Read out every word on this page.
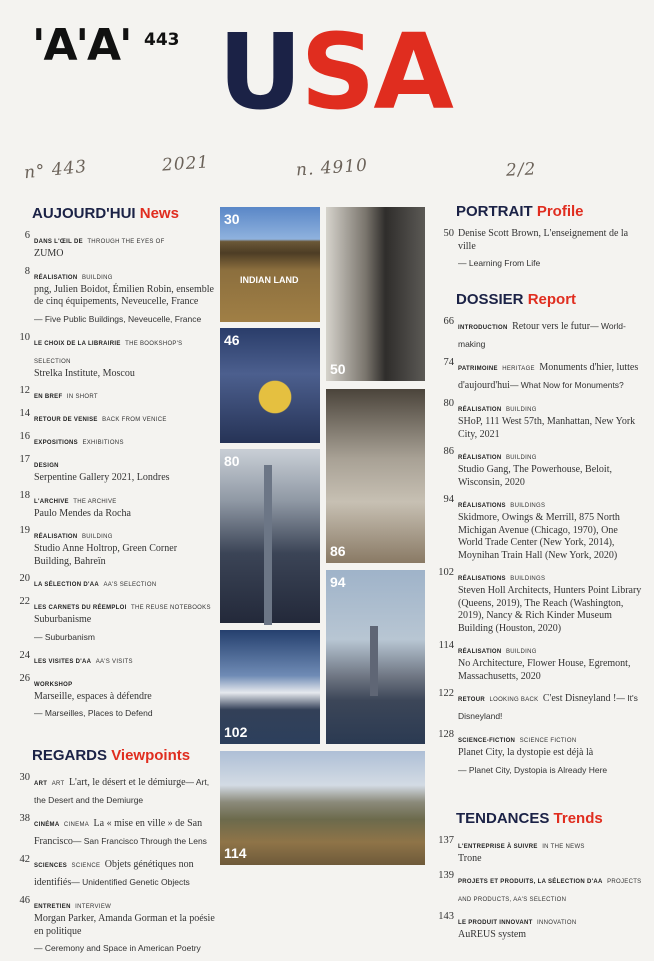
'A'A' 443 USA
n° 443	2021	n. 4910	2/2
AUJOURD'HUI News
6
DANS L'ŒIL DE THROUGH THE EYES OF
ZUMO
8
RÉALISATION BUILDING
png, Julien Boidot, Émilien Robin, ensemble de cinq équipements, Neveucelle, France
— Five Public Buildings, Neveucelle, France
10
LE CHOIX DE LA LIBRAIRIE THE BOOKSHOP'S SELECTION
Strelka Institute, Moscou
12
EN BREF IN SHORT
14
RETOUR DE VENISE BACK FROM VENICE
16
EXPOSITIONS EXHIBITIONS
17
DESIGN
Serpentine Gallery 2021, Londres
18
L'ARCHIVE THE ARCHIVE
Paulo Mendes da Rocha
19
RÉALISATION BUILDING
Studio Anne Holtrop, Green Corner Building, Bahreïn
20
LA SÉLECTION D'AA AA'S SELECTION
22
LES CARNETS DU RÉEMPLOI THE REUSE NOTEBOOKS
Suburbanisme
— Suburbanism
24
LES VISITES D'AA AA'S VISITS
26
WORKSHOP
Marseille, espaces à défendre
— Marseilles, Places to Defend
REGARDS Viewpoints
30
ART ART L'art, le désert et le démiurge— Art, the Desert and the Demiurge
38
CINÉMA CINEMA La « mise en ville » de San Francisco— San Francisco Through the Lens
42
SCIENCES SCIENCE Objets génétiques non identifiés— Unidentified Genetic Objects
46
ENTRETIEN INTERVIEW
Morgan Parker, Amanda Gorman et la poésie en politique
— Ceremony and Space in American Poetry
30
INDIAN LAND
46
50
80
86
94
102
114
PORTRAIT Profile
50 Denise Scott Brown, L'enseignement de la ville
— Learning From Life
DOSSIER Report
66
INTRODUCTION Retour vers le futur— World-making
74
PATRIMOINE HERITAGE Monuments d'hier, luttes d'aujourd'hui— What Now for Monuments?
80
RÉALISATION BUILDING
SHoP, 111 West 57th, Manhattan, New York City, 2021
86
RÉALISATION BUILDING
Studio Gang, The Powerhouse, Beloit, Wisconsin, 2020
94
RÉALISATIONS BUILDINGS
Skidmore, Owings & Merrill, 875 North Michigan Avenue (Chicago, 1970), One World Trade Center (New York, 2014), Moynihan Train Hall (New York, 2020)
102
RÉALISATIONS BUILDINGS
Steven Holl Architects, Hunters Point Library (Queens, 2019), The Reach (Washington, 2019), Nancy & Rich Kinder Museum Building (Houston, 2020)
114
RÉALISATION BUILDING
No Architecture, Flower House, Egremont, Massachusetts, 2020
122
RETOUR LOOKING BACK C'est Disneyland !— It's Disneyland!
128
SCIENCE-FICTION SCIENCE FICTION
Planet City, la dystopie est déjà là
— Planet City, Dystopia is Already Here
TENDANCES Trends
137
L'ENTREPRISE À SUIVRE IN THE NEWS
Trone
139
PROJETS ET PRODUITS, LA SÉLECTION D'AA PROJECTS AND PRODUCTS, AA'S SELECTION
143
LE PRODUIT INNOVANT INNOVATION
AuREUS system
